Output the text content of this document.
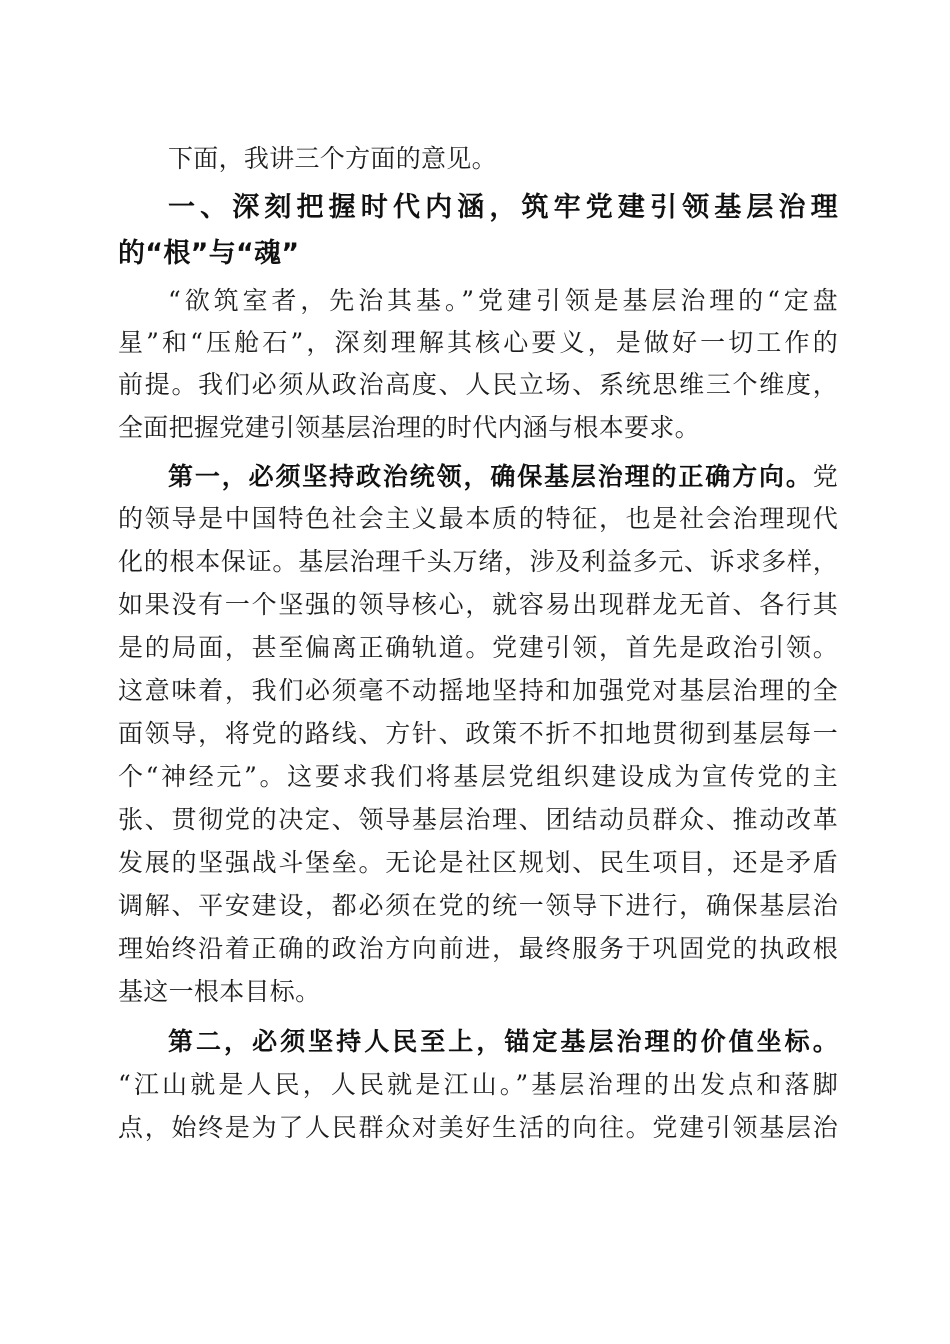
下面，我讲三个方面的意见。
一、深刻把握时代内涵，筑牢党建引领基层治理
的“根”与“魂”
“欲筑室者，先治其基。”党建引领是基层治理的“定盘
星”和“压舱石”，深刻理解其核心要义，是做好一切工作的
前提。我们必须从政治高度、人民立场、系统思维三个维度，
全面把握党建引领基层治理的时代内涵与根本要求。
第一，必须坚持政治统领，确保基层治理的正确方向。党
的领导是中国特色社会主义最本质的特征，也是社会治理现代
化的根本保证。基层治理千头万绪，涉及利益多元、诉求多样，
如果没有一个坚强的领导核心，就容易出现群龙无首、各行其
是的局面，甚至偏离正确轨道。党建引领，首先是政治引领。
这意味着，我们必须毫不动摇地坚持和加强党对基层治理的全
面领导，将党的路线、方针、政策不折不扣地贯彻到基层每一
个“神经元”。这要求我们将基层党组织建设成为宣传党的主
张、贯彻党的决定、领导基层治理、团结动员群众、推动改革
发展的坚强战斗堡垒。无论是社区规划、民生项目，还是矛盾
调解、平安建设，都必须在党的统一领导下进行，确保基层治
理始终沿着正确的政治方向前进，最终服务于巩固党的执政根
基这一根本目标。
第二，必须坚持人民至上，锚定基层治理的价值坐标。
“江山就是人民，人民就是江山。”基层治理的出发点和落脚
点，始终是为了人民群众对美好生活的向往。党建引领基层治
